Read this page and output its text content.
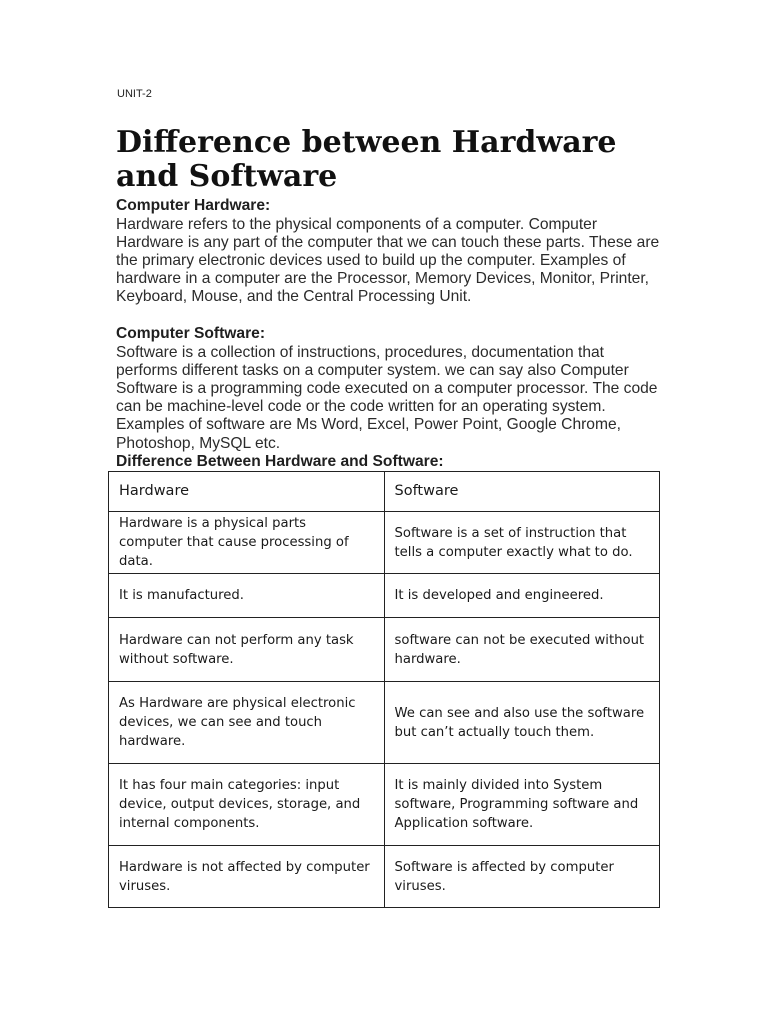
UNIT-2
Difference between Hardware and Software
Computer Hardware:
Hardware refers to the physical components of a computer. Computer Hardware is any part of the computer that we can touch these parts. These are the primary electronic devices used to build up the computer. Examples of hardware in a computer are the Processor, Memory Devices, Monitor, Printer, Keyboard, Mouse, and the Central Processing Unit.
Computer Software:
Software is a collection of instructions, procedures, documentation that performs different tasks on a computer system. we can say also Computer Software is a programming code executed on a computer processor. The code can be machine-level code or the code written for an operating system. Examples of software are Ms Word, Excel, Power Point, Google Chrome, Photoshop, MySQL etc.
Difference Between Hardware and Software:
Hardware	Software
Hardware is a physical parts computer that cause processing of data.	Software is a set of instruction that tells a computer exactly what to do.
It is manufactured.	It is developed and engineered.
Hardware can not perform any task without software.	software can not be executed without hardware.
As Hardware are physical electronic devices, we can see and touch hardware.	We can see and also use the software but can’t actually touch them.
It has four main categories: input device, output devices, storage, and internal components.	It is mainly divided into System software, Programming software and Application software.
Hardware is not affected by computer viruses.	Software is affected by computer viruses.
